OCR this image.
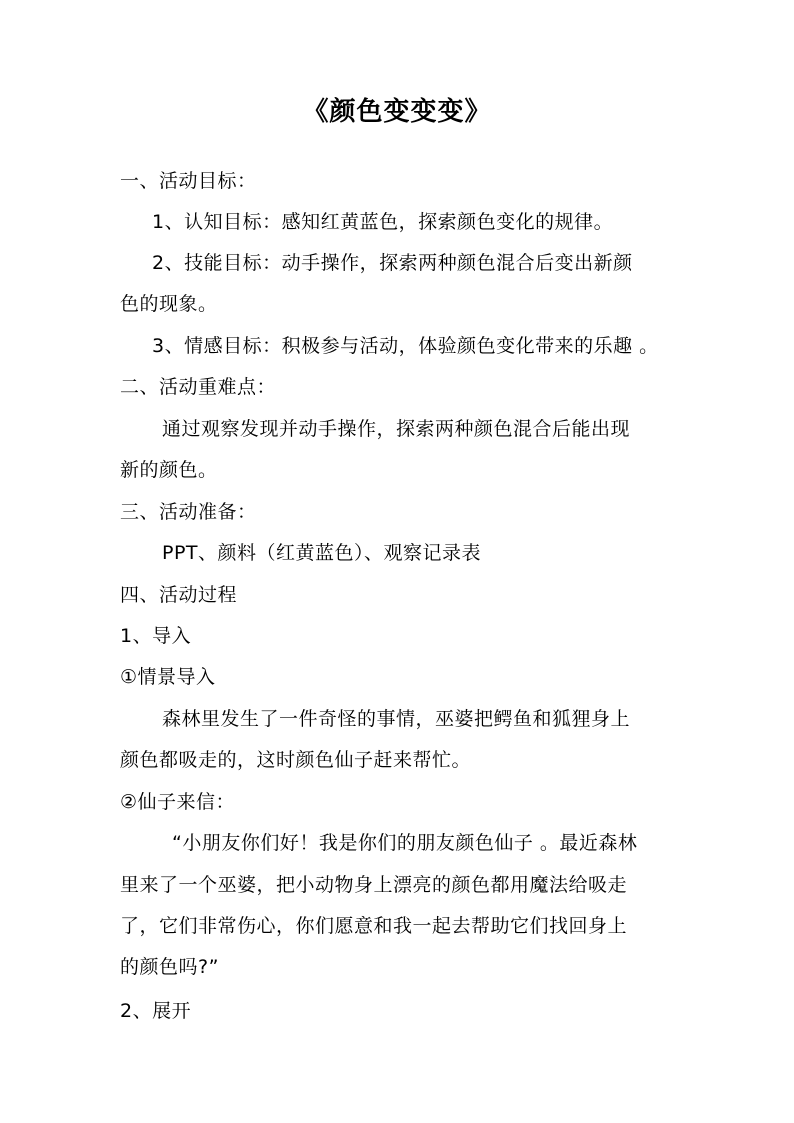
《颜色变变变》
一、活动目标：
1、认知目标：感知红黄蓝色，探索颜色变化的规律。
2、技能目标：动手操作，探索两种颜色混合后变出新颜
色的现象。
3、情感目标：积极参与活动，体验颜色变化带来的乐趣 。
二、活动重难点：
通过观察发现并动手操作，探索两种颜色混合后能出现
新的颜色。
三、活动准备：
PPT、颜料（红黄蓝色）、观察记录表
四、活动过程
1、导入
①情景导入
森林里发生了一件奇怪的事情，巫婆把鳄鱼和狐狸身上
颜色都吸走的，这时颜色仙子赶来帮忙。
②仙子来信：
“小朋友你们好！我是你们的朋友颜色仙子 。最近森林
里来了一个巫婆，把小动物身上漂亮的颜色都用魔法给吸走
了，它们非常伤心，你们愿意和我一起去帮助它们找回身上
的颜色吗?”
2、展开
